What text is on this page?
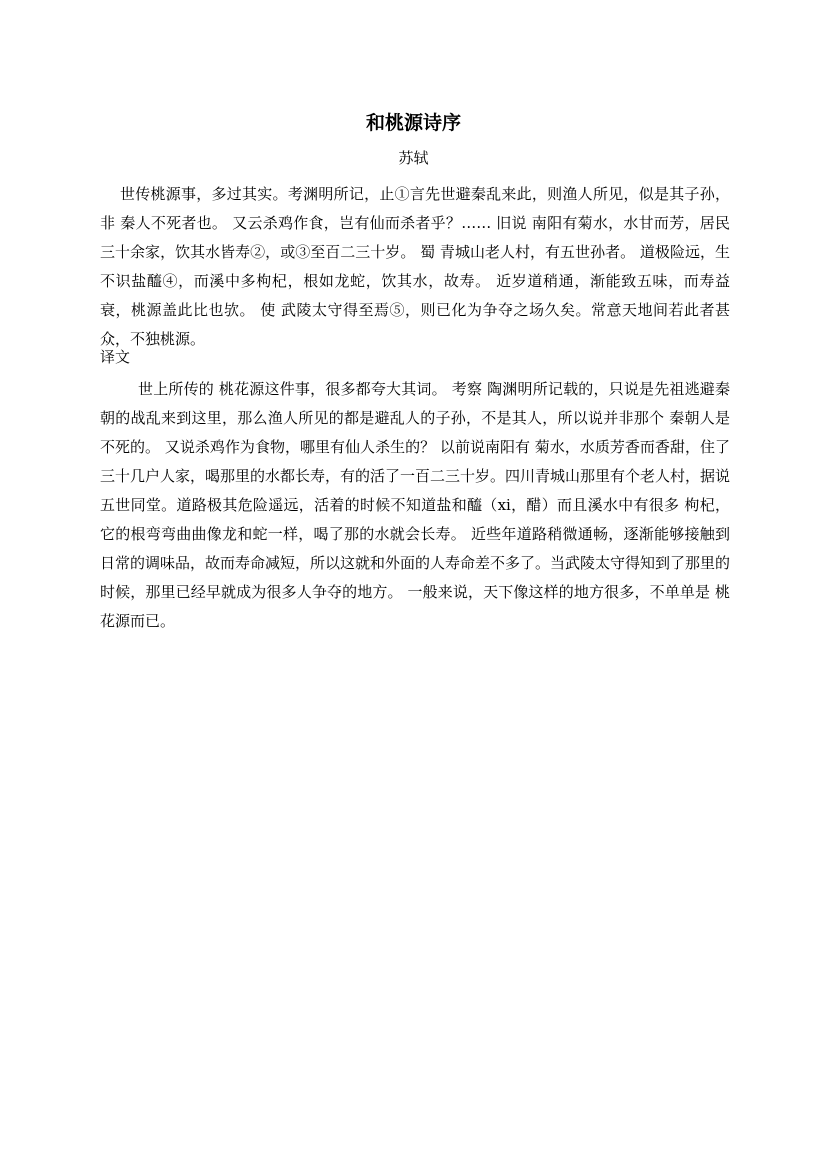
和桃源诗序
苏轼

世传桃源事，多过其实。考渊明所记，止①言先世避秦乱来此，则渔人所见，似是其子孙，非 秦人不死者也。 又云杀鸡作食，岂有仙而杀者乎？…… 旧说 南阳有菊水，水甘而芳，居民三十余家，饮其水皆寿②，或③至百二三十岁。 蜀 青城山老人村，有五世孙者。 道极险远，生不识盐醯④，而溪中多枸杞，根如龙蛇，饮其水，故寿。 近岁道稍通，渐能致五味，而寿益衰，桃源盖此比也欤。 使 武陵太守得至焉⑤，则已化为争夺之场久矣。常意天地间若此者甚众，不独桃源。

译文

世上所传的 桃花源这件事，很多都夸大其词。 考察 陶渊明所记载的，只说是先祖逃避秦朝的战乱来到这里，那么渔人所见的都是避乱人的子孙，不是其人，所以说并非那个 秦朝人是不死的。 又说杀鸡作为食物，哪里有仙人杀生的？ 以前说南阳有 菊水，水质芳香而香甜，住了三十几户人家，喝那里的水都长寿，有的活了一百二三十岁。四川青城山那里有个老人村，据说五世同堂。道路极其危险遥远，活着的时候不知道盐和醯（xi，醋）而且溪水中有很多 枸杞，它的根弯弯曲曲像龙和蛇一样，喝了那的水就会长寿。 近些年道路稍微通畅，逐渐能够接触到日常的调味品，故而寿命减短，所以这就和外面的人寿命差不多了。当武陵太守得知到了那里的时候，那里已经早就成为很多人争夺的地方。 一般来说，天下像这样的地方很多，不单单是 桃花源而已。
